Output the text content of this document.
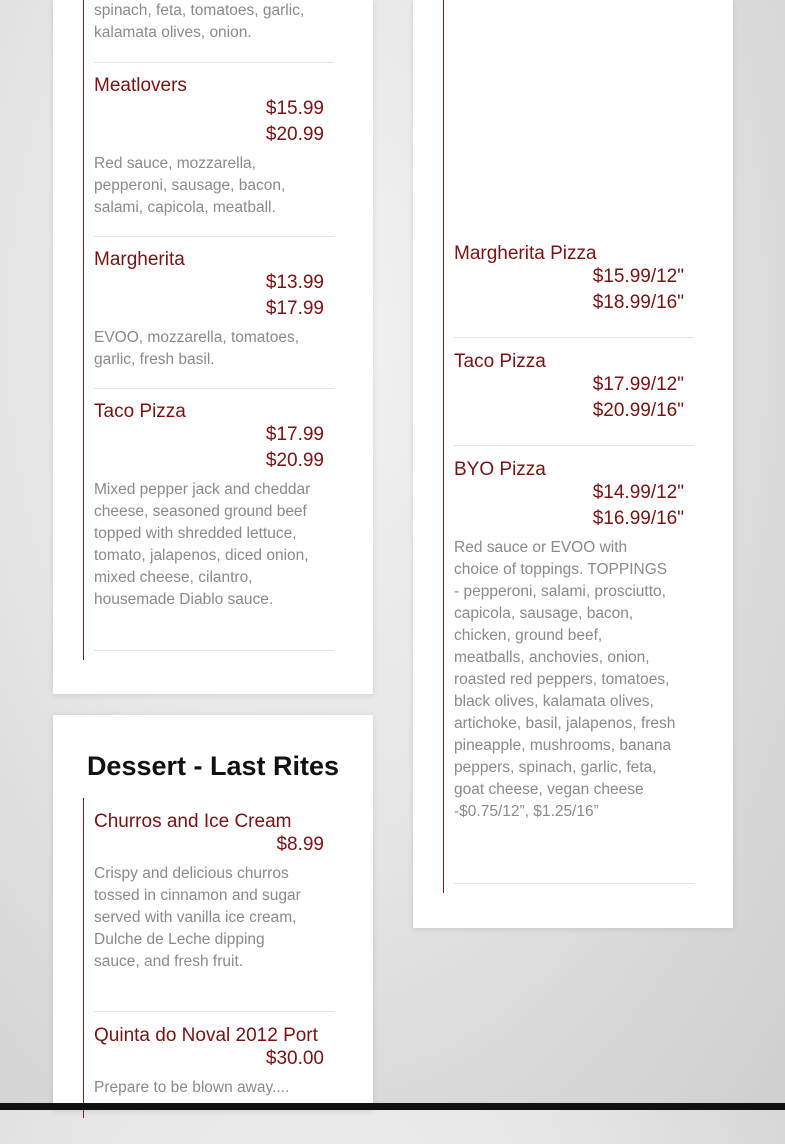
spinach, feta, tomatoes, garlic, kalamata olives, onion.
Meatlovers
$15.99
$20.99
Red sauce, mozzarella, pepperoni, sausage, bacon, salami, capicola, meatball.
Margherita
$13.99
$17.99
EVOO, mozzarella, tomatoes, garlic, fresh basil.
Taco Pizza
$17.99
$20.99
Mixed pepper jack and cheddar cheese, seasoned ground beef topped with shredded lettuce, tomato, jalapenos, diced onion, mixed cheese, cilantro, housemade Diablo sauce.
Dessert - Last Rites
Churros and Ice Cream
$8.99
Crispy and delicious churros tossed in cinnamon and sugar served with vanilla ice cream, Dulche de Leche dipping sauce, and fresh fruit.
Quinta do Noval 2012 Port
$30.00
Prepare to be blown away....
Margherita Pizza
$15.99/12"
$18.99/16"
Taco Pizza
$17.99/12"
$20.99/16"
BYO Pizza
$14.99/12"
$16.99/16"
Red sauce or EVOO with choice of toppings. TOPPINGS - pepperoni, salami, prosciutto, capicola, sausage, bacon, chicken, ground beef, meatballs, anchovies, onion, roasted red peppers, tomatoes, black olives, kalamata olives, artichoke, basil, jalapenos, fresh pineapple, mushrooms, banana peppers, spinach, garlic, feta, goat cheese, vegan cheese -$0.75/12”, $1.25/16”
